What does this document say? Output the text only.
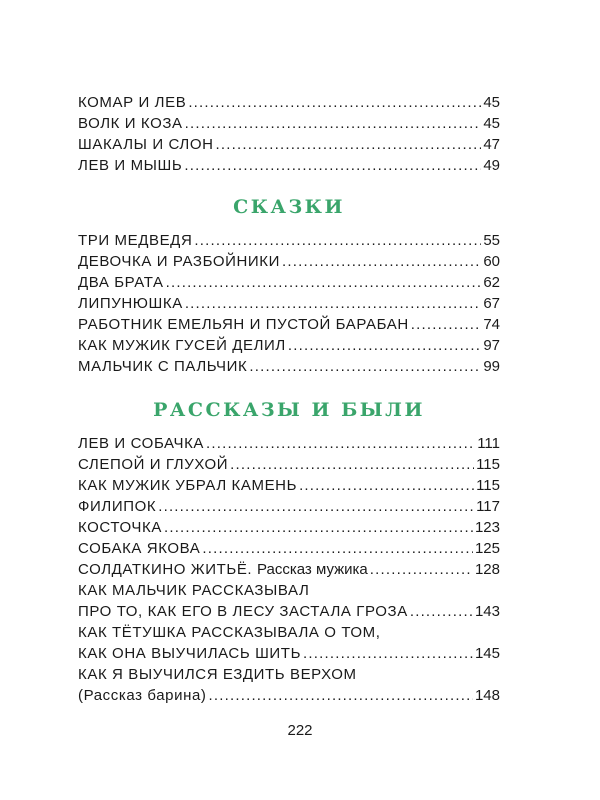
КОМАР И ЛЕВ .....	45
ВОЛК И КОЗА .....	45
ШАКАЛЫ И СЛОН .....	47
ЛЕВ И МЫШЬ .....	49
СКАЗКИ
ТРИ МЕДВЕДЯ .....	55
ДЕВОЧКА И РАЗБОЙНИКИ .....	60
ДВА БРАТА .....	62
ЛИПУНЮШКА .....	67
РАБОТНИК ЕМЕЛЬЯН И ПУСТОЙ БАРАБАН .....	74
КАК МУЖИК ГУСЕЙ ДЕЛИЛ .....	97
МАЛЬЧИК С ПАЛЬЧИК .....	99
РАССКАЗЫ И БЫЛИ
ЛЕВ И СОБАЧКА .....	111
СЛЕПОЙ И ГЛУХОЙ .....	115
КАК МУЖИК УБРАЛ КАМЕНЬ .....	115
ФИЛИПОК .....	117
КОСТОЧКА .....	123
СОБАКА ЯКОВА .....	125
СОЛДАТКИНО ЖИТЬЁ. Рассказ мужика .....	128
КАК МАЛЬЧИК РАССКАЗЫВАЛ
ПРО ТО, КАК ЕГО В ЛЕСУ ЗАСТАЛА ГРОЗА .....	143
КАК ТЁТУШКА РАССКАЗЫВАЛА О ТОМ,
КАК ОНА ВЫУЧИЛАСЬ ШИТЬ .....	145
КАК Я ВЫУЧИЛСЯ ЕЗДИТЬ ВЕРХОМ
(Рассказ барина) .....	148
222
